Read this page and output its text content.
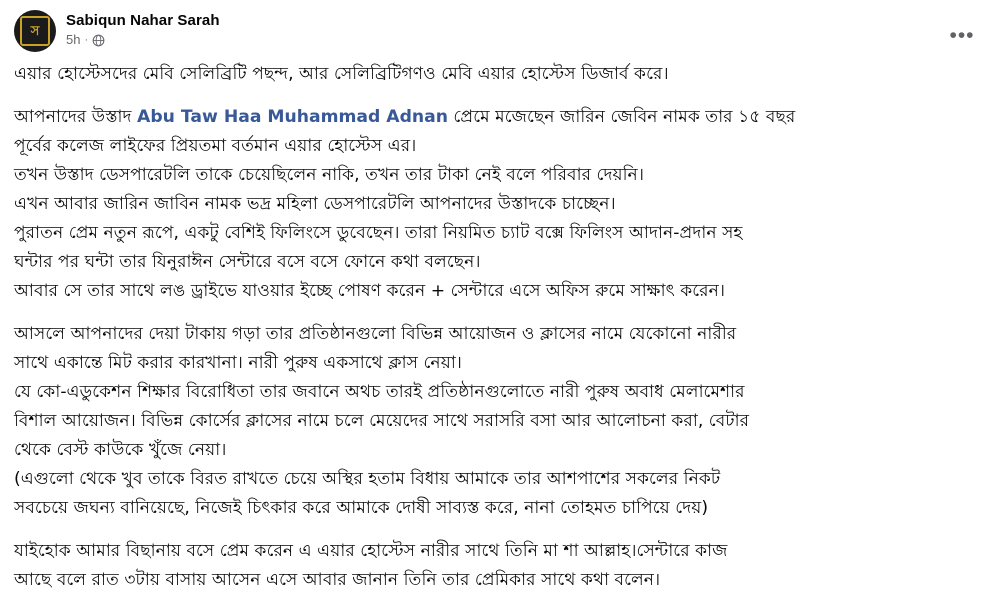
স
Sabiqun Nahar Sarah
5h ·	•••

এয়ার হোস্টেসদের মেবি সেলিব্রিটি পছন্দ, আর সেলিব্রিটিগণও মেবি এয়ার হোস্টেস ডিজার্ব করে।

আপনাদের উস্তাদ Abu Taw Haa Muhammad Adnan প্রেমে মজেছেন জারিন জেবিন নামক তার ১৫ বছর

পূর্বের কলেজ লাইফের প্রিয়তমা বর্তমান এয়ার হোস্টেস এর।

তখন উস্তাদ ডেসপারেটলি তাকে চেয়েছিলেন নাকি, তখন তার টাকা নেই বলে পরিবার দেয়নি।

এখন আবার জারিন জাবিন নামক ভদ্র মহিলা ডেসপারেটলি আপনাদের উস্তাদকে চাচ্ছেন।

পুরাতন প্রেম নতুন রূপে, একটু বেশিই ফিলিংসে ডুবেছেন। তারা নিয়মিত চ্যাট বক্সে ফিলিংস আদান-প্রদান সহ

ঘন্টার পর ঘন্টা তার যিনুরাঈন সেন্টারে বসে বসে ফোনে কথা বলছেন।

আবার সে তার সাথে লঙ ড্রাইভে যাওয়ার ইচ্ছে পোষণ করেন + সেন্টারে এসে অফিস রুমে সাক্ষাৎ করেন।

আসলে আপনাদের দেয়া টাকায় গড়া তার প্রতিষ্ঠানগুলো বিভিন্ন আয়োজন ও ক্লাসের নামে যেকোনো নারীর

সাথে একান্তে মিট করার কারখানা। নারী পুরুষ একসাথে ক্লাস নেয়া।

যে কো-এডুকেশন শিক্ষার বিরোধিতা তার জবানে অথচ তারই প্রতিষ্ঠানগুলোতে নারী পুরুষ অবাধ মেলামেশার

বিশাল আয়োজন। বিভিন্ন কোর্সের ক্লাসের নামে চলে মেয়েদের সাথে সরাসরি বসা আর আলোচনা করা, বেটার

থেকে বেস্ট কাউকে খুঁজে নেয়া।

(এগুলো থেকে খুব তাকে বিরত রাখতে চেয়ে অস্থির হতাম বিধায় আমাকে তার আশপাশের সকলের নিকট

সবচেয়ে জঘন্য বানিয়েছে, নিজেই চিৎকার করে আমাকে দোষী সাব্যস্ত করে, নানা তোহমত চাপিয়ে দেয়)

যাইহোক আমার বিছানায় বসে প্রেম করেন এ এয়ার হোস্টেস নারীর সাথে তিনি মা শা আল্লাহ।সেন্টারে কাজ

আছে বলে রাত ৩টায় বাসায় আসেন এসে আবার জানান তিনি তার প্রেমিকার সাথে কথা বলেন।
